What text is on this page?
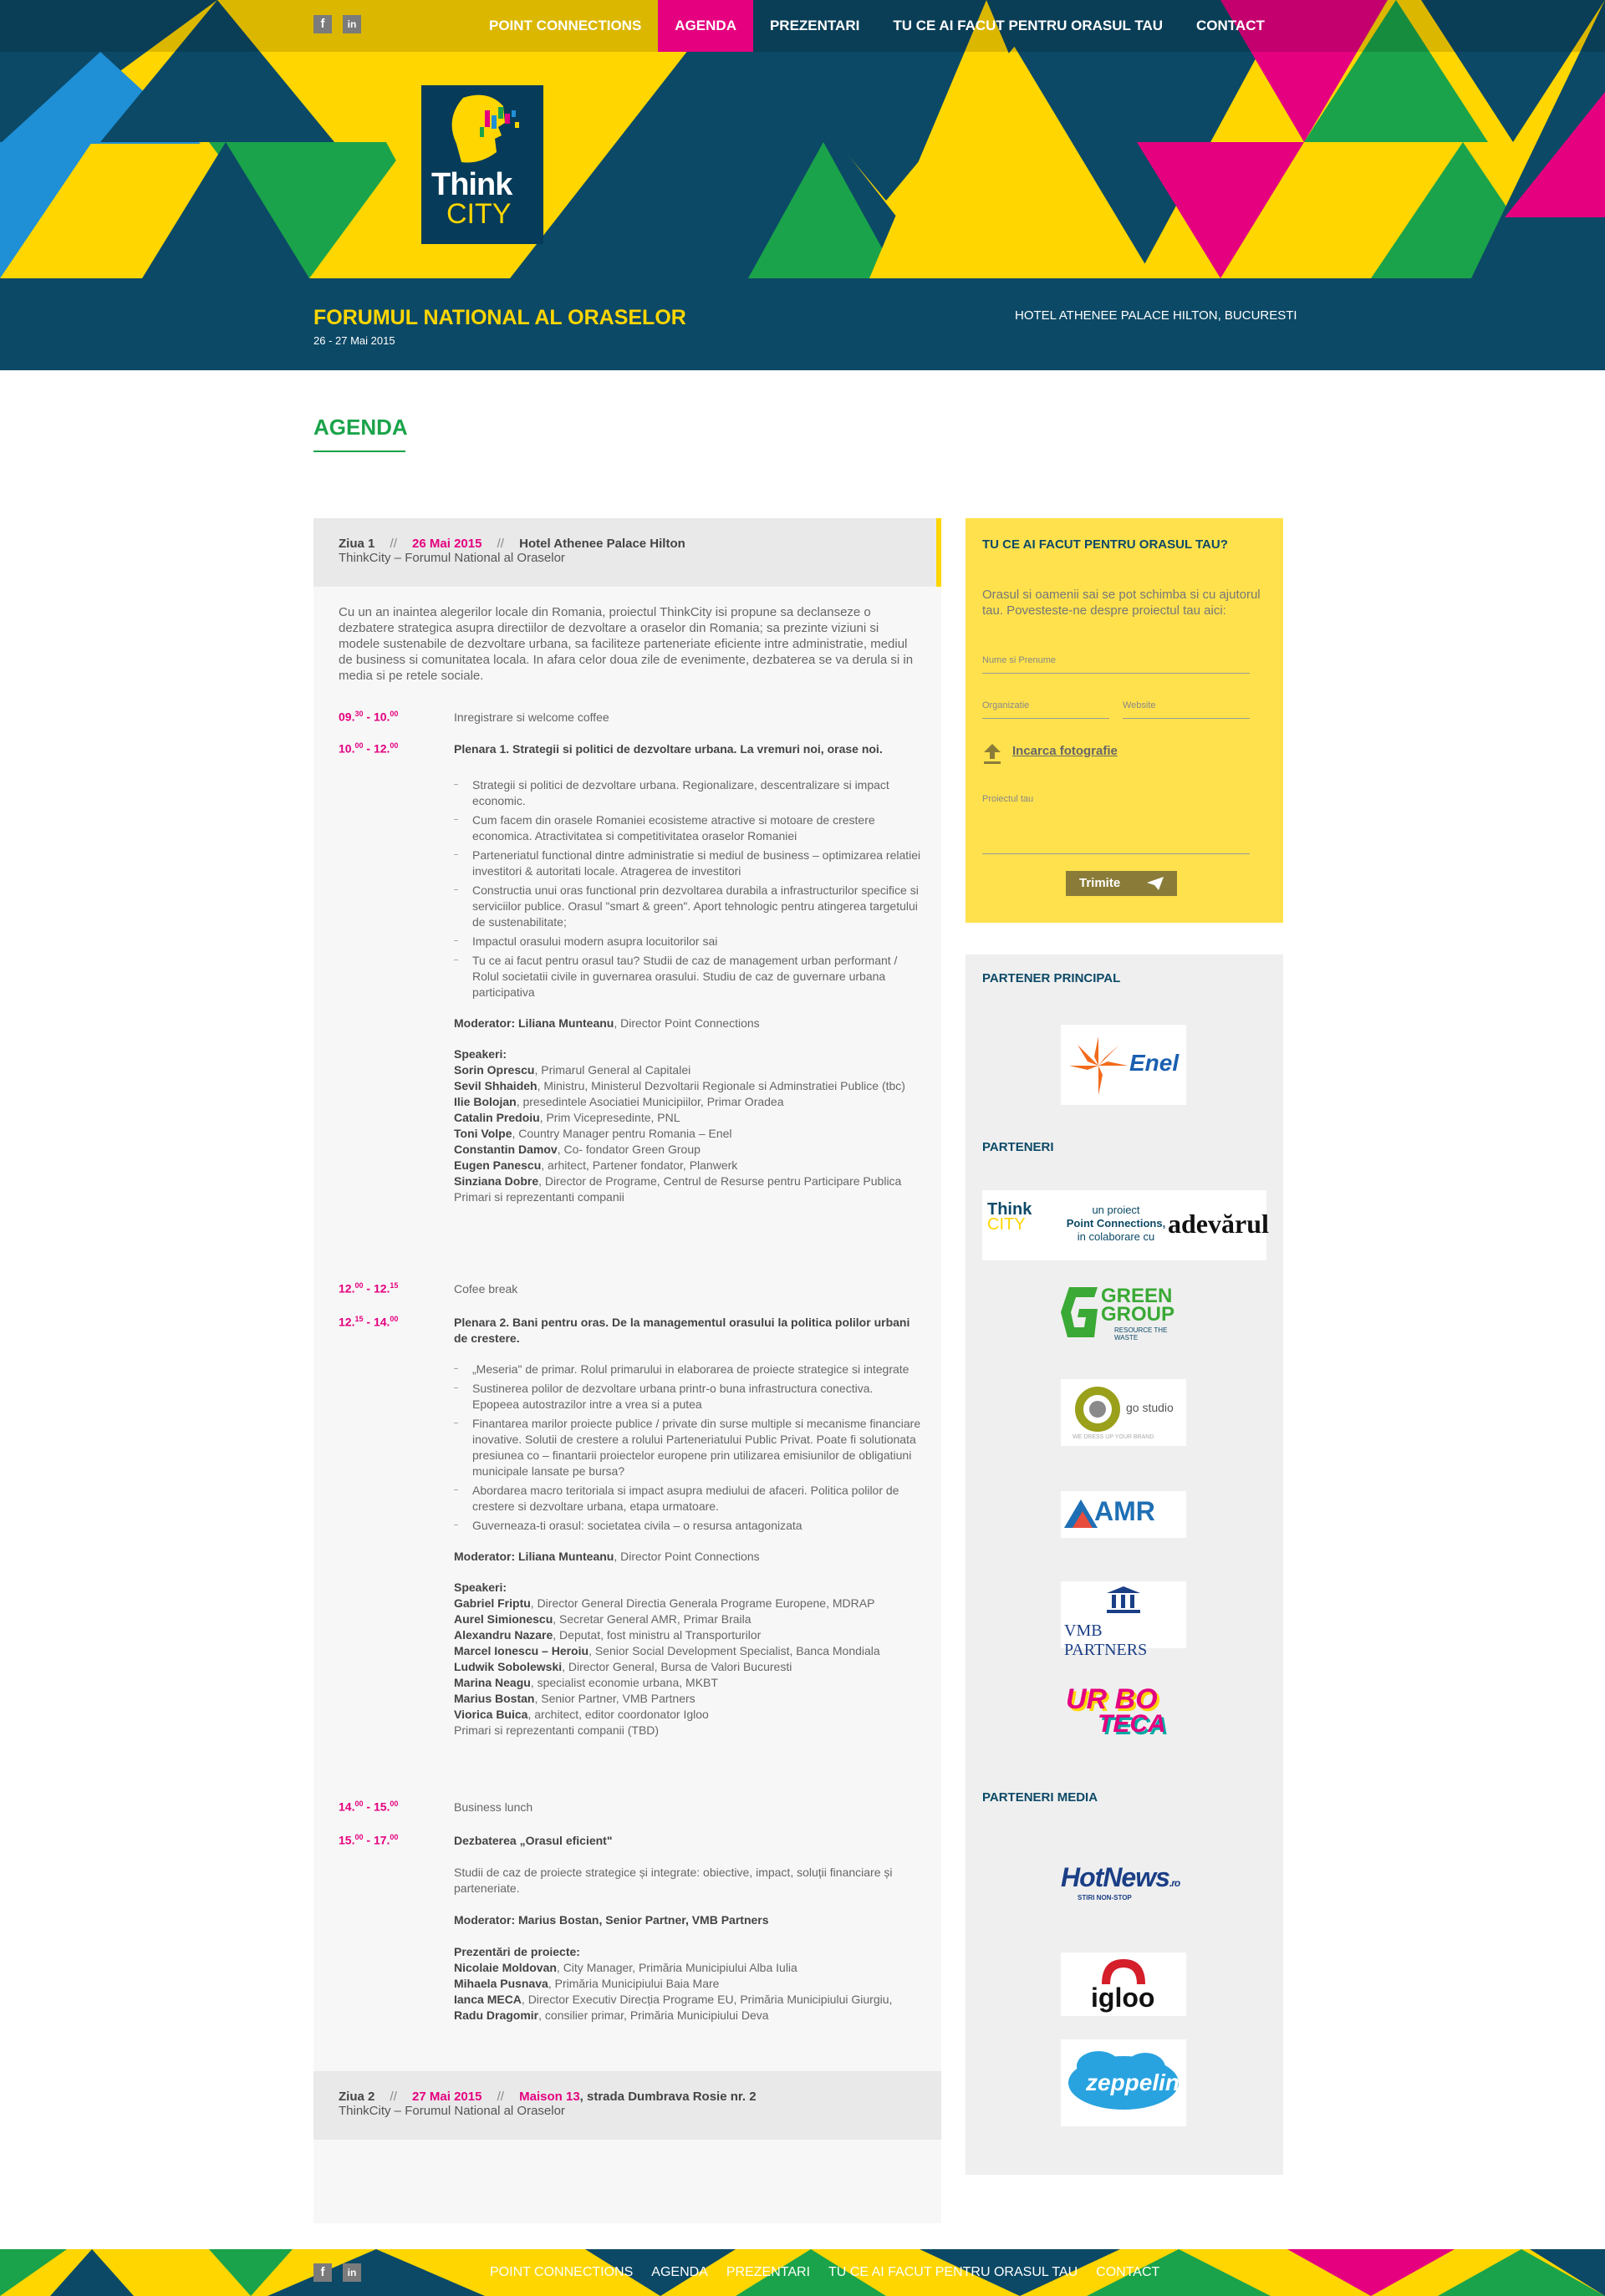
f	in	POINT CONNECTIONS	AGENDA	PREZENTARI	TU CE AI FACUT PENTRU ORASUL TAU	CONTACT
Think
CITY
FORUMUL NATIONAL AL ORASELOR
26 - 27 Mai 2015
HOTEL ATHENEE PALACE HILTON, BUCURESTI
AGENDA
Ziua 1 // 26 Mai 2015 // Hotel Athenee Palace Hilton
ThinkCity – Forumul National al Oraselor
Cu un an inaintea alegerilor locale din Romania, proiectul ThinkCity isi propune sa declanseze o dezbatere strategica asupra directiilor de dezvoltare a oraselor din Romania; sa prezinte viziuni si modele sustenabile de dezvoltare urbana, sa faciliteze parteneriate eficiente intre administratie, mediul de business si comunitatea locala. In afara celor doua zile de evenimente, dezbaterea se va derula si in media si pe retele sociale.
09.30 - 10.00	Inregistrare si welcome coffee
10.00 - 12.00	Plenara 1. Strategii si politici de dezvoltare urbana. La vremuri noi, orase noi.
Strategii si politici de dezvoltare urbana. Regionalizare, descentralizare si impact economic.
Cum facem din orasele Romaniei ecosisteme atractive si motoare de crestere economica. Atractivitatea si competitivitatea oraselor Romaniei
Parteneriatul functional dintre administratie si mediul de business – optimizarea relatiei investitori & autoritati locale. Atragerea de investitori
Constructia unui oras functional prin dezvoltarea durabila a infrastructurilor specifice si serviciilor publice. Orasul "smart & green". Aport tehnologic pentru atingerea targetului de sustenabilitate;
Impactul orasului modern asupra locuitorilor sai
Tu ce ai facut pentru orasul tau? Studii de caz de management urban performant / Rolul societatii civile in guvernarea orasului. Studiu de caz de guvernare urbana participativa
Moderator: Liliana Munteanu, Director Point Connections
Speakeri:
Sorin Oprescu, Primarul General al Capitalei
Sevil Shhaideh, Ministru, Ministerul Dezvoltarii Regionale si Adminstratiei Publice (tbc)
Ilie Bolojan, presedintele Asociatiei Municipiilor, Primar Oradea
Catalin Predoiu, Prim Vicepresedinte, PNL
Toni Volpe, Country Manager pentru Romania – Enel
Constantin Damov, Co- fondator Green Group
Eugen Panescu, arhitect, Partener fondator, Planwerk
Sinziana Dobre, Director de Programe, Centrul de Resurse pentru Participare Publica
Primari si reprezentanti companii
12.00 - 12.15	Cofee break
12.15 - 14.00	Plenara 2. Bani pentru oras. De la managementul orasului la politica polilor urbani de crestere.
„Meseria" de primar. Rolul primarului in elaborarea de proiecte strategice si integrate
Sustinerea polilor de dezvoltare urbana printr-o buna infrastructura conectiva. Epopeea autostrazilor intre a vrea si a putea
Finantarea marilor proiecte publice / private din surse multiple si mecanisme financiare inovative. Solutii de crestere a rolului Parteneriatului Public Privat. Poate fi solutionata presiunea co – finantarii proiectelor europene prin utilizarea emisiunilor de obligatiuni municipale lansate pe bursa?
Abordarea macro teritoriala si impact asupra mediului de afaceri. Politica polilor de crestere si dezvoltare urbana, etapa urmatoare.
Guverneaza-ti orasul: societatea civila – o resursa antagonizata
Moderator: Liliana Munteanu, Director Point Connections
Speakeri:
Gabriel Friptu, Director General Directia Generala Programe Europene, MDRAP
Aurel Simionescu, Secretar General AMR, Primar Braila
Alexandru Nazare, Deputat, fost ministru al Transporturilor
Marcel Ionescu – Heroiu, Senior Social Development Specialist, Banca Mondiala
Ludwik Sobolewski, Director General, Bursa de Valori Bucuresti
Marina Neagu, specialist economie urbana, MKBT
Marius Bostan, Senior Partner, VMB Partners
Viorica Buica, architect, editor coordonator Igloo
Primari si reprezentanti companii (TBD)
14.00 - 15.00	Business lunch
15.00 - 17.00	Dezbaterea „Orasul eficient"
Studii de caz de proiecte strategice și integrate: obiective, impact, soluții financiare și parteneriate.
Moderator: Marius Bostan, Senior Partner, VMB Partners
Prezentări de proiecte:
Nicolaie Moldovan, City Manager, Primăria Municipiului Alba Iulia
Mihaela Pusnava, Primăria Municipiului Baia Mare
Ianca MECA, Director Executiv Direcția Programe EU, Primăria Municipiului Giurgiu,
Radu Dragomir, consilier primar, Primăria Municipiului Deva
Ziua 2 // 27 Mai 2015 // Maison 13, strada Dumbrava Rosie nr. 2
ThinkCity – Forumul National al Oraselor
TU CE AI FACUT PENTRU ORASUL TAU?
Orasul si oamenii sai se pot schimba si cu ajutorul tau. Povesteste-ne despre proiectul tau aici:
Nume si Prenume
Organizatie	Website
Incarca fotografie
Proiectul tau
Trimite
PARTENER PRINCIPAL
Enel
PARTENERI
Think
CITY
un proiect
Point Connections,
in colaborare cu adevărul
GREEN
GROUP
RESOURCE THE WASTE
go studio
WE DRESS UP YOUR BRAND
AMR
VMB PARTNERS
UR BO
TECA
PARTENERI MEDIA
HotNews.ro
STIRI NON-STOP
igloo
zeppelin
f	in	POINT CONNECTIONS	AGENDA	PREZENTARI	TU CE AI FACUT PENTRU ORASUL TAU	CONTACT
